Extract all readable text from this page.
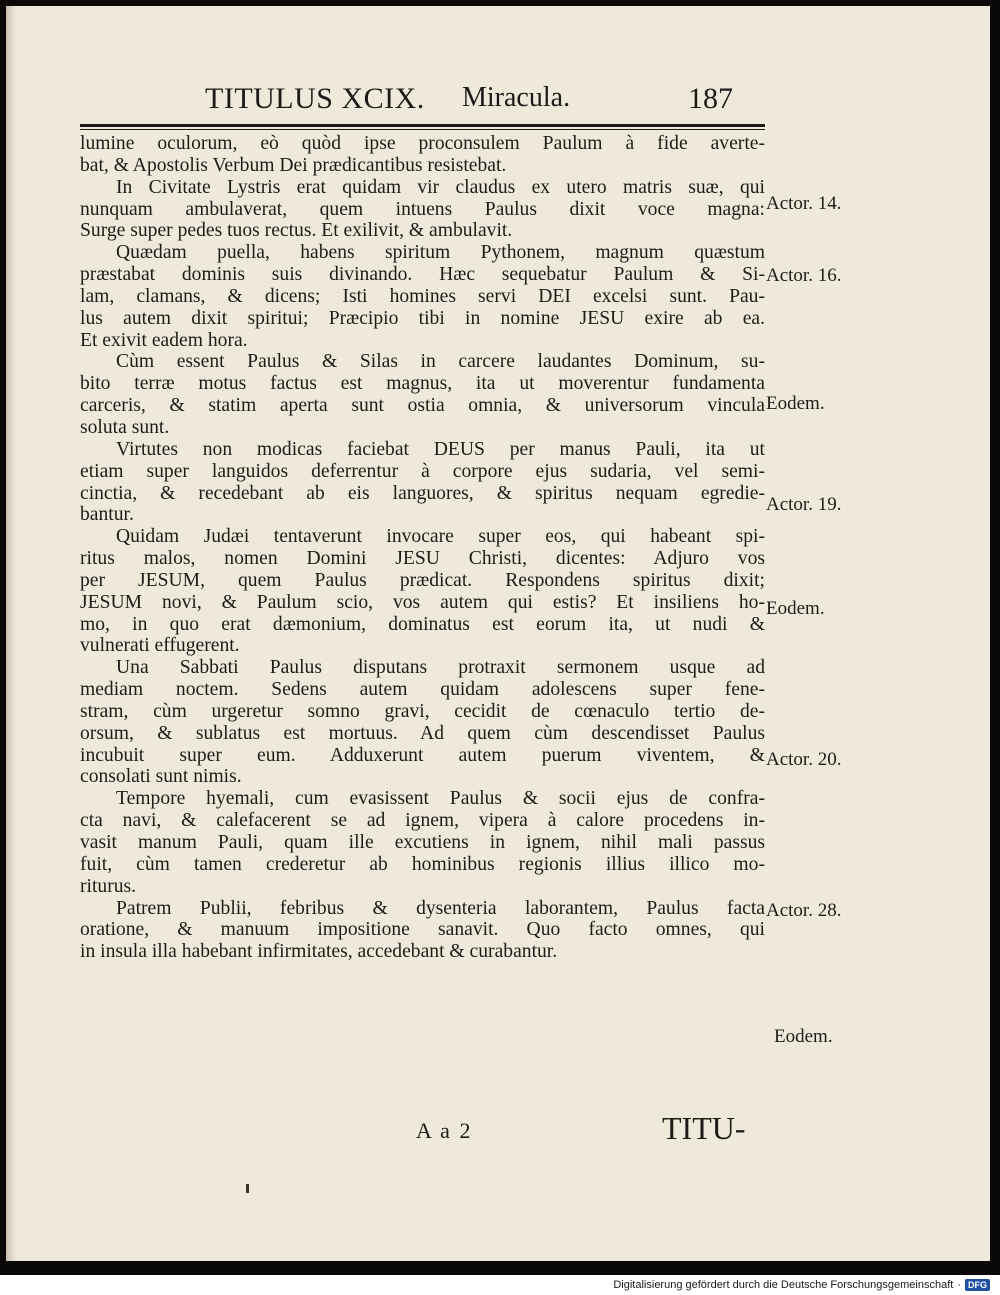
TITULUS XCIX. Miracula.	187
lumine oculorum, eò quòd ipse proconsulem Paulum à fide averte-
bat, & Apostolis Verbum Dei prædicantibus resistebat.
In Civitate Lystris erat quidam vir claudus ex utero matris suæ, qui
nunquam ambulaverat, quem intuens Paulus dixit voce magna:
Surge super pedes tuos rectus. Et exilivit, & ambulavit.
Quædam puella, habens spiritum Pythonem, magnum quæstum
præstabat dominis suis divinando. Hæc sequebatur Paulum & Si-
lam, clamans, & dicens; Isti homines servi DEI excelsi sunt. Pau-
lus autem dixit spiritui; Præcipio tibi in nomine JESU exire ab ea.
Et exivit eadem hora.
Cùm essent Paulus & Silas in carcere laudantes Dominum, su-
bito terræ motus factus est magnus, ita ut moverentur fundamenta
carceris, & statim aperta sunt ostia omnia, & universorum vincula
soluta sunt.
Virtutes non modicas faciebat DEUS per manus Pauli, ita ut
etiam super languidos deferrentur à corpore ejus sudaria, vel semi-
cinctia, & recedebant ab eis languores, & spiritus nequam egredie-
bantur.
Quidam Judæi tentaverunt invocare super eos, qui habeant spi-
ritus malos, nomen Domini JESU Christi, dicentes: Adjuro vos
per JESUM, quem Paulus prædicat. Respondens spiritus dixit;
JESUM novi, & Paulum scio, vos autem qui estis? Et insiliens ho-
mo, in quo erat dæmonium, dominatus est eorum ita, ut nudi &
vulnerati effugerent.
Una Sabbati Paulus disputans protraxit sermonem usque ad
mediam noctem. Sedens autem quidam adolescens super fene-
stram, cùm urgeretur somno gravi, cecidit de cœnaculo tertio de-
orsum, & sublatus est mortuus. Ad quem cùm descendisset Paulus
incubuit super eum. Adduxerunt autem puerum viventem, &
consolati sunt nimis.
Tempore hyemali, cum evasissent Paulus & socii ejus de confra-
cta navi, & calefacerent se ad ignem, vipera à calore procedens in-
vasit manum Pauli, quam ille excutiens in ignem, nihil mali passus
fuit, cùm tamen crederetur ab hominibus regionis illius illico mo-
riturus.
Patrem Publii, febribus & dysenteria laborantem, Paulus facta
oratione, & manuum impositione sanavit. Quo facto omnes, qui
in insula illa habebant infirmitates, accedebant & curabantur.
Actor. 14.
Actor. 16.
Eodem.
Actor. 19.
Eodem.
Actor. 20.
Actor. 28.
Eodem.
A a 2	TITU-
Digitalisierung gefördert durch die Deutsche Forschungsgemeinschaft · DFG
